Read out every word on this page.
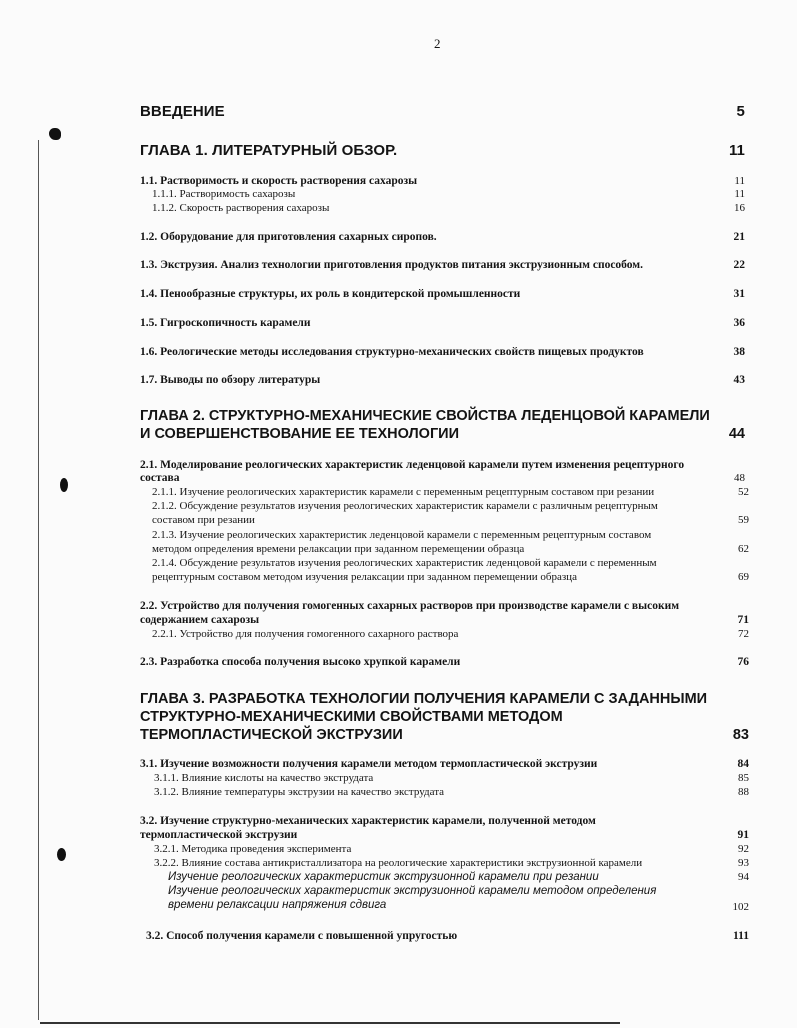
2
ВВЕДЕНИЕ	5
ГЛАВА 1. ЛИТЕРАТУРНЫЙ ОБЗОР.	11
1.1. Растворимость и скорость растворения сахарозы	11
1.1.1. Растворимость сахарозы	11
1.1.2. Скорость растворения сахарозы	16
1.2. Оборудование для приготовления сахарных сиропов.	21
1.3. Экструзия. Анализ технологии приготовления продуктов питания экструзионным способом.	22
1.4. Пенообразные структуры, их роль в кондитерской промышленности	31
1.5. Гигроскопичность карамели	36
1.6. Реологические методы исследования структурно-механических свойств пищевых продуктов	38
1.7. Выводы по обзору литературы	43
ГЛАВА 2. СТРУКТУРНО-МЕХАНИЧЕСКИЕ СВОЙСТВА ЛЕДЕНЦОВОЙ КАРАМЕЛИ
И СОВЕРШЕНСТВОВАНИЕ ЕЕ ТЕХНОЛОГИИ	44
2.1. Моделирование реологических характеристик леденцовой карамели путем изменения рецептурного
состава	48
2.1.1. Изучение реологических характеристик карамели с переменным рецептурным составом при резании	52
2.1.2. Обсуждение результатов изучения реологических характеристик карамели с различным рецептурным
составом при резании	59
2.1.3. Изучение реологических характеристик леденцовой карамели с переменным рецептурным составом
методом определения времени релаксации при заданном перемещении образца	62
2.1.4. Обсуждение результатов изучения реологических характеристик леденцовой карамели с переменным
рецептурным составом методом изучения релаксации при заданном перемещении образца	69
2.2. Устройство для получения гомогенных сахарных растворов при производстве карамели с высоким
содержанием сахарозы	71
2.2.1. Устройство для получения гомогенного сахарного раствора	72
2.3. Разработка способа получения высоко хрупкой карамели	76
ГЛАВА 3. РАЗРАБОТКА ТЕХНОЛОГИИ ПОЛУЧЕНИЯ КАРАМЕЛИ С ЗАДАННЫМИ
СТРУКТУРНО-МЕХАНИЧЕСКИМИ СВОЙСТВАМИ МЕТОДОМ
ТЕРМОПЛАСТИЧЕСКОЙ ЭКСТРУЗИИ	83
3.1. Изучение возможности получения карамели методом термопластической экструзии	84
3.1.1. Влияние кислоты на качество экструдата	85
3.1.2. Влияние температуры экструзии на качество экструдата	88
3.2. Изучение структурно-механических характеристик карамели, полученной методом
термопластической экструзии	91
3.2.1. Методика проведения эксперимента	92
3.2.2. Влияние состава антикристаллизатора на реологические характеристики экструзионной карамели	93
Изучение реологических характеристик экструзионной карамели при резании	94
Изучение реологических характеристик экструзионной карамели методом определения
времени релаксации напряжения сдвига	102
3.2. Способ получения карамели с повышенной упругостью	111
